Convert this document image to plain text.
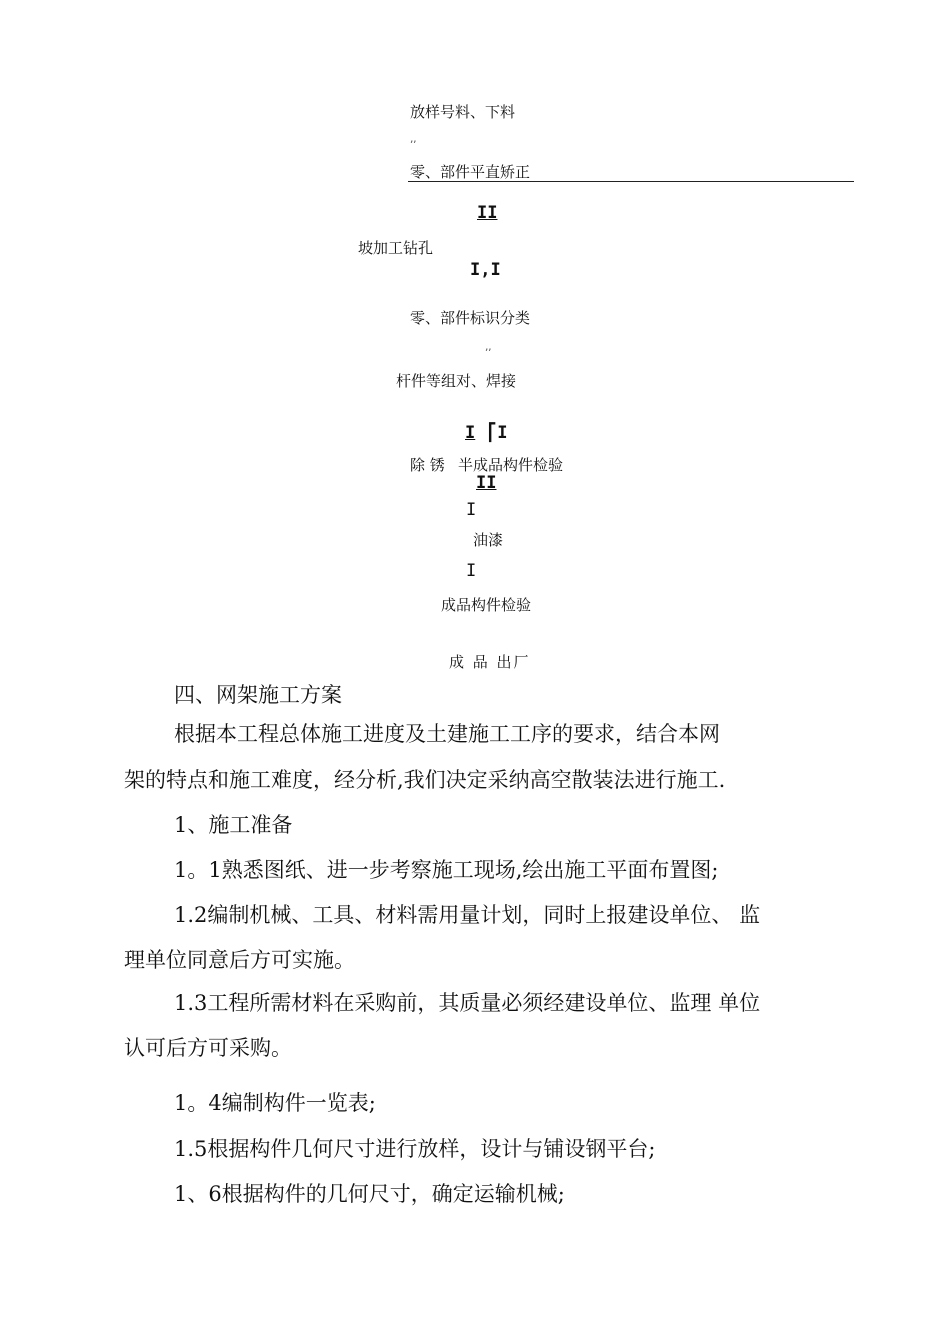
放样号料、下料
’’
零、部件平直矫正
II
坡加工钻孔
I,I
零、部件标识分类
’’
杆件等组对、焊接
I ⎡I
除 锈 半成品构件检验
II
I
油漆
I
成品构件检验
成 品 出厂
四、网架施工方案
根据本工程总体施工进度及土建施工工序的要求，结合本网
架的特点和施工难度，经分析,我们决定采纳高空散装法进行施工.
1、施工准备
1。1熟悉图纸、进一步考察施工现场,绘出施工平面布置图;
1.2编制机械、工具、材料需用量计划，同时上报建设单位、 监
理单位同意后方可实施。
1.3工程所需材料在采购前，其质量必须经建设单位、监理 单位
认可后方可采购。
1。4编制构件一览表;
1.5根据构件几何尺寸进行放样，设计与铺设钢平台;
1、6根据构件的几何尺寸，确定运输机械;
